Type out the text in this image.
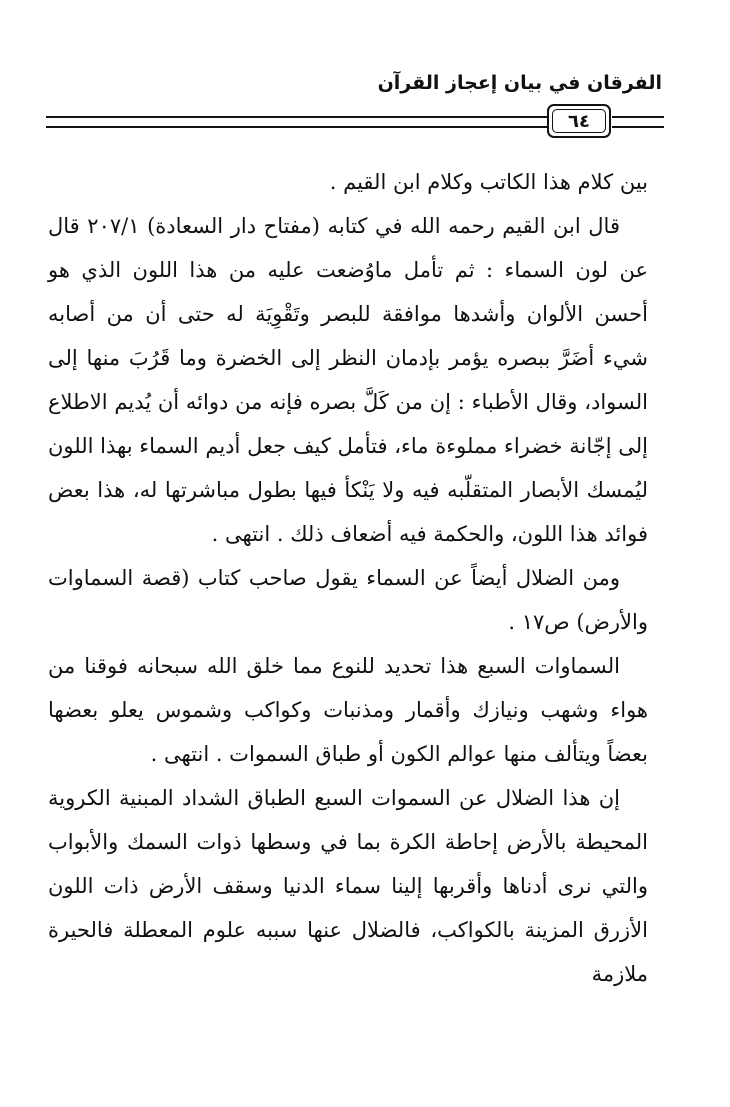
الفرقان في بيان إعجاز القرآن
٦٤

بين كلام هذا الكاتب وكلام ابن القيم .

قال ابن القيم رحمه الله في كتابه (مفتاح دار السعادة) ٢٠٧/١ قال عن لون السماء : ثم تأمل ماوُضعت عليه من هذا اللون الذي هو أحسن الألوان وأشدها موافقة للبصر وتَقْوِيَة له حتى أن من أصابه شيء أضَرَّ ببصره يؤمر بإدمان النظر إلى الخضرة وما قَرُبَ منها إلى السواد، وقال الأطباء : إن من كَلَّ بصره فإنه من دوائه أن يُديم الاطلاع إلى إجّانة خضراء مملوءة ماء، فتأمل كيف جعل أديم السماء بهذا اللون ليُمسك الأبصار المتقلّبه فيه ولا يَنْكأ فيها بطول مباشرتها له، هذا بعض فوائد هذا اللون، والحكمة فيه أضعاف ذلك . انتهى .

ومن الضلال أيضاً عن السماء يقول صاحب كتاب (قصة السماوات والأرض) ص١٧ .

السماوات السبع هذا تحديد للنوع مما خلق الله سبحانه فوقنا من هواء وشهب ونيازك وأقمار ومذنبات وكواكب وشموس يعلو بعضها بعضاً ويتألف منها عوالم الكون أو طباق السموات . انتهى .

إن هذا الضلال عن السموات السبع الطباق الشداد المبنية الكروية المحيطة بالأرض إحاطة الكرة بما في وسطها ذوات السمك والأبواب والتي نرى أدناها وأقربها إلينا سماء الدنيا وسقف الأرض ذات اللون الأزرق المزينة بالكواكب، فالضلال عنها سببه علوم المعطلة فالحيرة ملازمة
